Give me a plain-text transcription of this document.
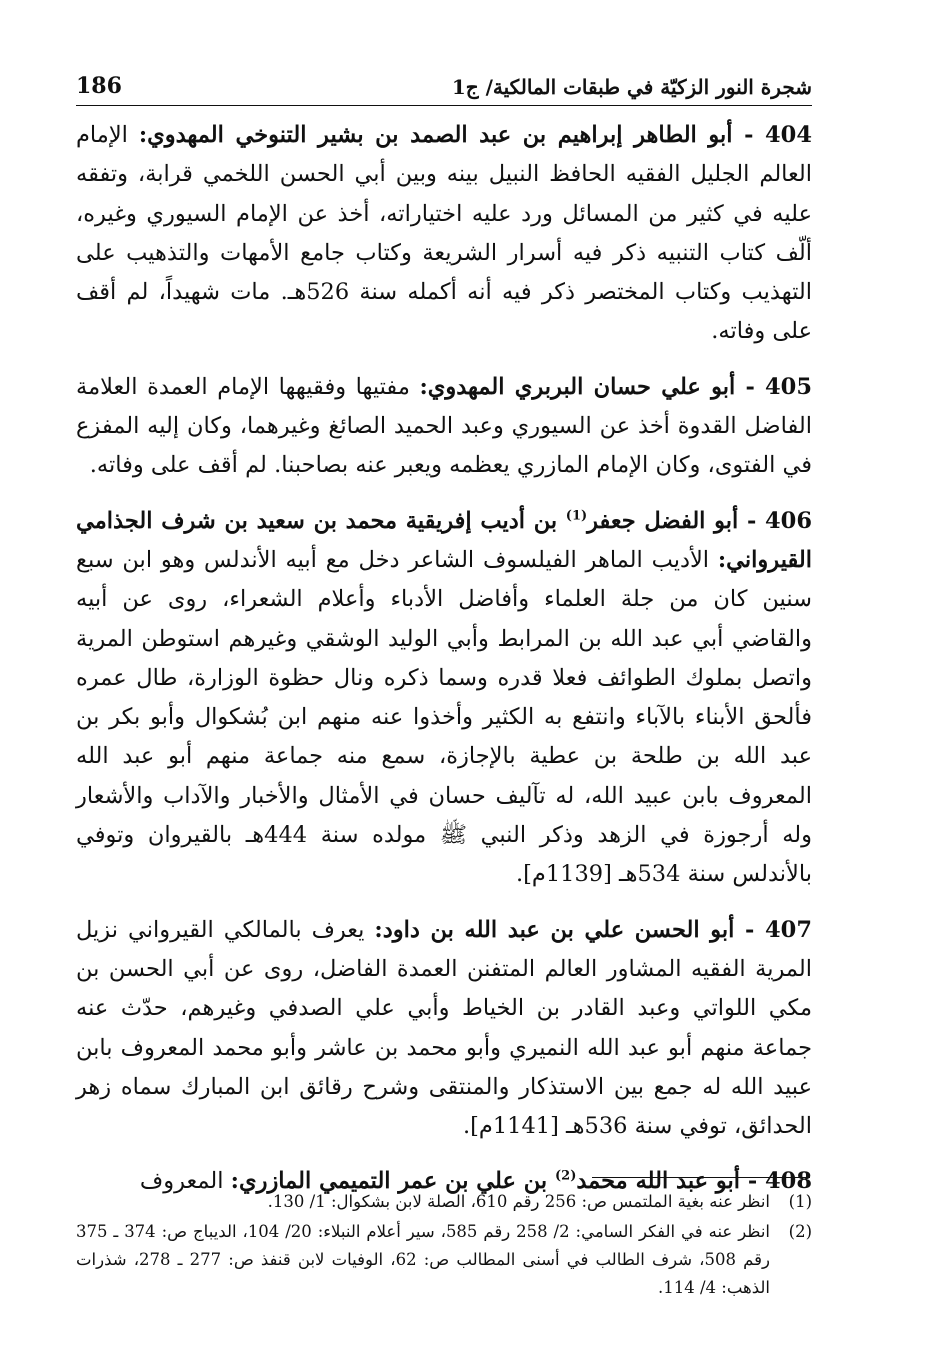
186	شجرة النور الزكيّة في طبقات المالكية/ ج1

404 - أبو الطاهر إبراهيم بن عبد الصمد بن بشير التنوخي المهدوي: الإمام العالم الجليل الفقيه الحافظ النبيل بينه وبين أبي الحسن اللخمي قرابة، وتفقه عليه في كثير من المسائل ورد عليه اختياراته، أخذ عن الإمام السيوري وغيره، ألّف كتاب التنبيه ذكر فيه أسرار الشريعة وكتاب جامع الأمهات والتذهيب على التهذيب وكتاب المختصر ذكر فيه أنه أكمله سنة 526هـ. مات شهيداً، لم أقف على وفاته.

405 - أبو علي حسان البربري المهدوي: مفتيها وفقيهها الإمام العمدة العلامة الفاضل القدوة أخذ عن السيوري وعبد الحميد الصائغ وغيرهما، وكان إليه المفزع في الفتوى، وكان الإمام المازري يعظمه ويعبر عنه بصاحبنا. لم أقف على وفاته.

406 - أبو الفضل جعفر$^{(1)}$ بن أديب إفريقية محمد بن سعيد بن شرف الجذامي القيرواني: الأديب الماهر الفيلسوف الشاعر دخل مع أبيه الأندلس وهو ابن سبع سنين كان من جلة العلماء وأفاضل الأدباء وأعلام الشعراء، روى عن أبيه والقاضي أبي عبد الله بن المرابط وأبي الوليد الوشقي وغيرهم استوطن المرية واتصل بملوك الطوائف فعلا قدره وسما ذكره ونال حظوة الوزارة، طال عمره فألحق الأبناء بالآباء وانتفع به الكثير وأخذوا عنه منهم ابن بُشكوال وأبو بكر بن عبد الله بن طلحة بن عطية بالإجازة، سمع منه جماعة منهم أبو عبد الله المعروف بابن عبيد الله، له تآليف حسان في الأمثال والأخبار والآداب والأشعار وله أرجوزة في الزهد وذكر النبي ﷺ مولده سنة 444هـ بالقيروان وتوفي بالأندلس سنة 534هـ [1139م].

407 - أبو الحسن علي بن عبد الله بن داود: يعرف بالمالكي القيرواني نزيل المرية الفقيه المشاور العالم المتفنن العمدة الفاضل، روى عن أبي الحسن بن مكي اللواتي وعبد القادر بن الخياط وأبي علي الصدفي وغيرهم، حدّث عنه جماعة منهم أبو عبد الله النميري وأبو محمد بن عاشر وأبو محمد المعروف بابن عبيد الله له جمع بين الاستذكار والمنتقى وشرح رقائق ابن المبارك سماه زهر الحدائق، توفي سنة 536هـ [1141م].

408 - أبو عبد الله محمد$^{(2)}$ بن علي بن عمر التميمي المازري: المعروف

(1)
انظر عنه بغية الملتمس ص: 256 رقم 610، الصلة لابن بشكوال: 1/ 130.
(2)
انظر عنه في الفكر السامي: 2/ 258 رقم 585، سير أعلام النبلاء: 20/ 104، الديباج ص: 374 ـ 375 رقم 508، شرف الطالب في أسنى المطالب ص: 62، الوفيات لابن قنفذ ص: 277 ـ 278، شذرات الذهب: 4/ 114.
